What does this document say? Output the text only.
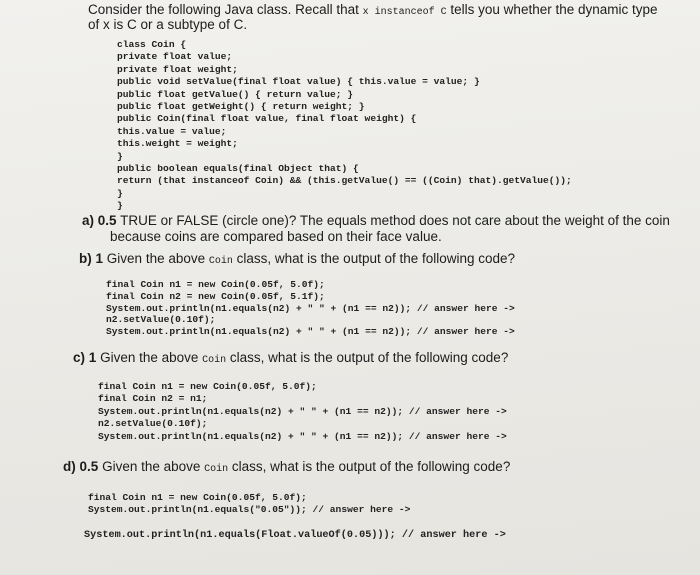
Consider the following Java class. Recall that x instanceof C tells you whether the dynamic type
of x is C or a subtype of C.
class Coin {
private float value;
private float weight;
public void setValue(final float value) { this.value = value; }
public float getValue() { return value; }
public float getWeight() { return weight; }
public Coin(final float value, final float weight) {
this.value = value;
this.weight = weight;
}
public boolean equals(final Object that) {
return (that instanceof Coin) && (this.getValue() == ((Coin) that).getValue());
}
}
a) 0.5 TRUE or FALSE (circle one)? The equals method does not care about the weight of the coin
because coins are compared based on their face value.
b) 1 Given the above Coin class, what is the output of the following code?
final Coin n1 = new Coin(0.05f, 5.0f);
final Coin n2 = new Coin(0.05f, 5.1f);
System.out.println(n1.equals(n2) + " " + (n1 == n2)); // answer here ->
n2.setValue(0.10f);
System.out.println(n1.equals(n2) + " " + (n1 == n2)); // answer here ->
c) 1 Given the above Coin class, what is the output of the following code?
final Coin n1 = new Coin(0.05f, 5.0f);
final Coin n2 = n1;
System.out.println(n1.equals(n2) + " " + (n1 == n2)); // answer here ->
n2.setValue(0.10f);
System.out.println(n1.equals(n2) + " " + (n1 == n2)); // answer here ->
d) 0.5 Given the above Coin class, what is the output of the following code?
final Coin n1 = new Coin(0.05f, 5.0f);
System.out.println(n1.equals("0.05")); // answer here ->
System.out.println(n1.equals(Float.valueOf(0.05))); // answer here ->
